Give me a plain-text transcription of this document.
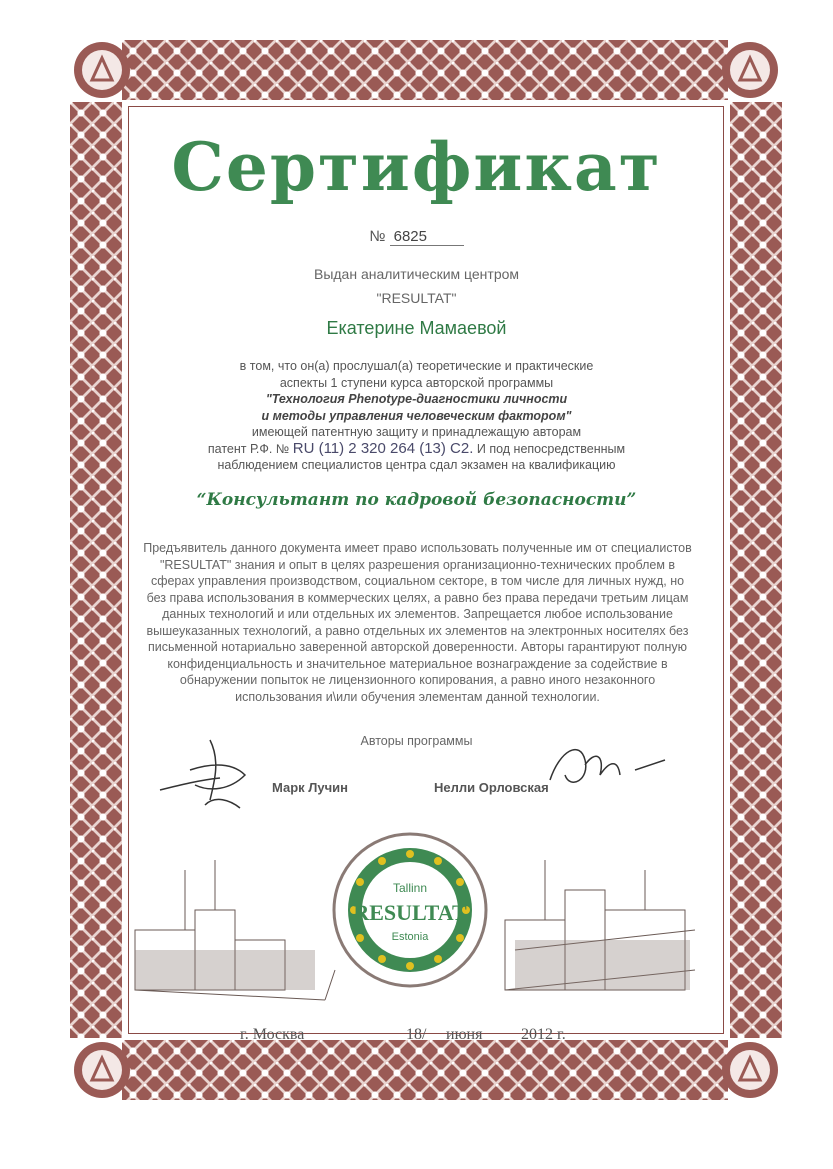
Сертификат
№ 6825
Выдан аналитическим центром
"RESULTAT"
Екатерине Мамаевой
в том, что он(а) прослушал(а) теоретические и практические
аспекты 1 ступени курса авторской программы
"Технология Phenotype-диагностики личности
и методы управления человеческим фактором"
имеющей патентную защиту и принадлежащую авторам
патент Р.Ф. № RU (11) 2 320 264 (13) C2. И под непосредственным
наблюдением специалистов центра сдал экзамен на квалификацию
“Консультант по кадровой безопасности”
Предъявитель данного документа имеет право использовать полученные им от специалистов "RESULTAT" знания и опыт в целях разрешения организационно-технических проблем в сферах управления производством, социальном секторе, в том числе для личных нужд, но без права использования в коммерческих целях, а равно без права передачи третьим лицам данных технологий и или отдельных их элементов. Запрещается любое использование вышеуказанных технологий, а равно отдельных их элементов на электронных носителях без письменной нотариально заверенной авторской доверенности. Авторы гарантируют полную конфиденциальность и значительное материальное вознаграждение за содействие в обнаружении попыток не лицензионного копирования, а равно иного незаконного использования и\или обучения элементам данной технологии.
Авторы программы
Марк Лучин	Нелли Орловская
Tallinn
RESULTAT
Estonia
г. Москва	18/ июня 2012 г.
